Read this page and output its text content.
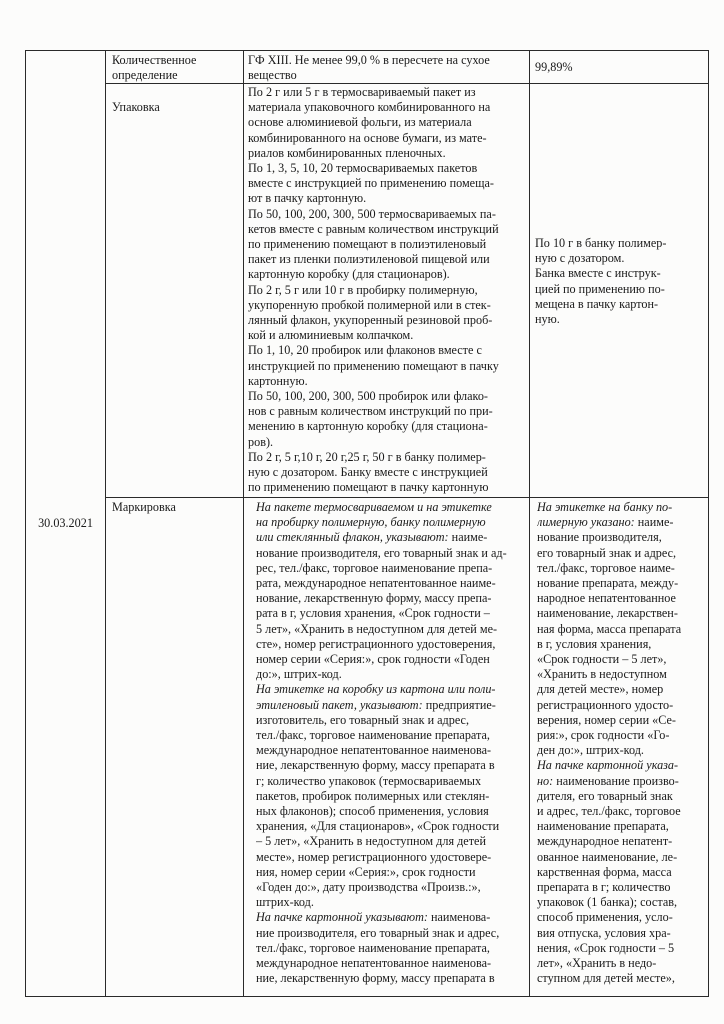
30.03.2021

Количественное

определение

ГФ XIII. Не менее 99,0 % в пересчете на сухое

вещество

99,89%
Упаковка

По 2 г или 5 г в термосвариваемый пакет из

материала упаковочного комбинированного на

основе алюминиевой фольги, из материала

комбинированного на основе бумаги, из мате-

риалов комбинированных пленочных.

По 1, 3, 5, 10, 20 термосвариваемых пакетов

вместе с инструкцией по применению помеща-

ют в пачку картонную.

По 50, 100, 200, 300, 500 термосвариваемых па-

кетов вместе с равным количеством инструкций

по применению помещают в полиэтиленовый

пакет из пленки полиэтиленовой пищевой или

картонную коробку (для стационаров).

По 2 г, 5 г или 10 г в пробирку полимерную,

укупоренную пробкой полимерной или в стек-

лянный флакон, укупоренный резиновой проб-

кой и алюминиевым колпачком.

По 1, 10, 20 пробирок или флаконов вместе с

инструкцией по применению помещают в пачку

картонную.

По 50, 100, 200, 300, 500 пробирок или флако-

нов с равным количеством инструкций по при-

менению в картонную коробку (для стациона-

ров).

По 2 г, 5 г,10 г, 20 г,25 г, 50 г в банку полимер-

ную с дозатором. Банку вместе с инструкцией

по применению помещают в пачку картонную

По 10 г в банку полимер-

ную с дозатором.

Банка вместе с инструк-

цией по применению по-

мещена в пачку картон-

ную.

Маркировка	На пакете термосвариваемом и на этикетке

на пробирку полимерную, банку полимерную

или стеклянный флакон, указывают: наиме-

нование производителя, его товарный знак и ад-

рес, тел./факс, торговое наименование препа-

рата, международное непатентованное наиме-

нование, лекарственную форму, массу препа-

рата в г, условия хранения, «Срок годности –

5 лет», «Хранить в недоступном для детей ме-

сте», номер регистрационного удостоверения,

номер серии «Серия:», срок годности «Годен

до:», штрих-код.

На этикетке на коробку из картона или поли-

этиленовый пакет, указывают: предприятие-

изготовитель, его товарный знак и адрес,

тел./факс, торговое наименование препарата,

международное непатентованное наименова-

ние, лекарственную форму, массу препарата в

г; количество упаковок (термосвариваемых

пакетов, пробирок полимерных или стеклян-

ных флаконов); способ применения, условия

хранения, «Для стационаров», «Срок годности

– 5 лет», «Хранить в недоступном для детей

месте», номер регистрационного удостовере-

ния, номер серии «Серия:», срок годности

«Годен до:», дату производства «Произв.:»,

штрих-код.

На пачке картонной указывают: наименова-

ние производителя, его товарный знак и адрес,

тел./факс, торговое наименование препарата,

международное непатентованное наименова-

ние, лекарственную форму, массу препарата в

На этикетке на банку по-

лимерную указано: наиме-

нование производителя,

его товарный знак и адрес,

тел./факс, торговое наиме-

нование препарата, между-

народное непатентованное

наименование, лекарствен-

ная форма, масса препарата

в г, условия хранения,

«Срок годности – 5 лет»,

«Хранить в недоступном

для детей месте», номер

регистрационного удосто-

верения, номер серии «Се-

рия:», срок годности «Го-

ден до:», штрих-код.

На пачке картонной указа-

но: наименование произво-

дителя, его товарный знак

и адрес, тел./факс, торговое

наименование препарата,

международное непатент-

ованное наименование, ле-

карственная форма, масса

препарата в г; количество

упаковок (1 банка); состав,

способ применения, усло-

вия отпуска, условия хра-

нения, «Срок годности – 5

лет», «Хранить в недо-

ступном для детей месте»,
